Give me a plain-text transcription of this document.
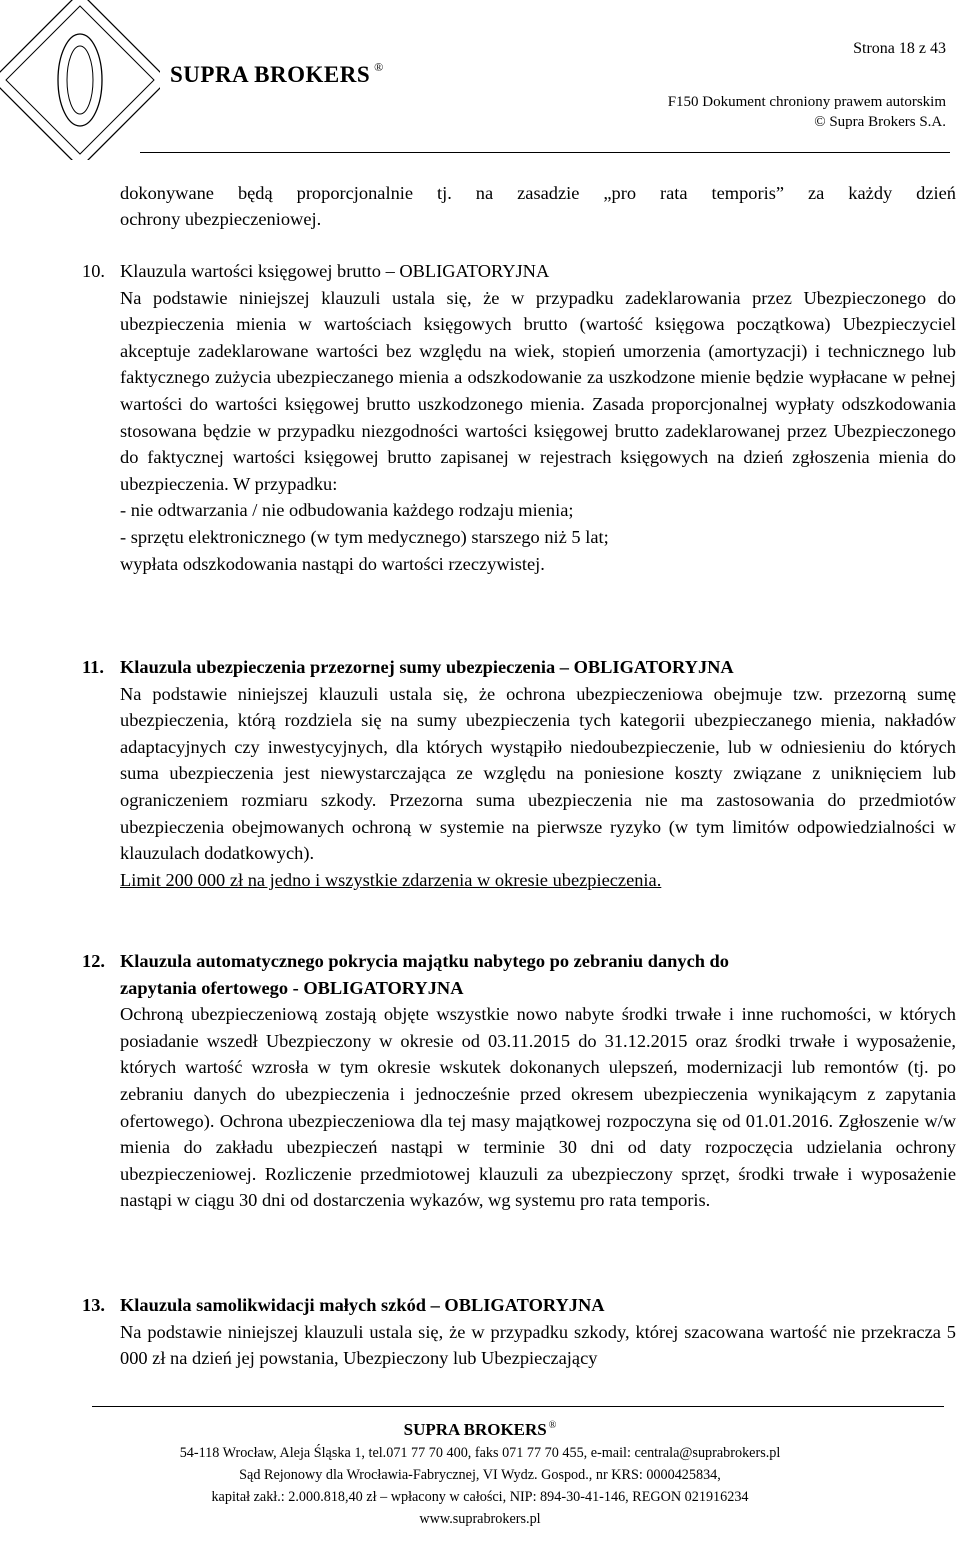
SUPRA BROKERS ®
Strona 18 z 43
F150 Dokument chroniony prawem autorskim
© Supra Brokers S.A.
dokonywane będą proporcjonalnie tj. na zasadzie „pro rata temporis” za każdy dzień
ochrony ubezpieczeniowej.
10. Klauzula wartości księgowej brutto – OBLIGATORYJNA
Na podstawie niniejszej klauzuli ustala się, że w przypadku zadeklarowania przez Ubezpieczonego do ubezpieczenia mienia w wartościach księgowych brutto (wartość księgowa początkowa) Ubezpieczyciel akceptuje zadeklarowane wartości bez względu na wiek, stopień umorzenia (amortyzacji) i technicznego lub faktycznego zużycia ubezpieczanego mienia a odszkodowanie za uszkodzone mienie będzie wypłacane w pełnej wartości do wartości księgowej brutto uszkodzonego mienia. Zasada proporcjonalnej wypłaty odszkodowania stosowana będzie w przypadku niezgodności wartości księgowej brutto zadeklarowanej przez Ubezpieczonego do faktycznej wartości księgowej brutto zapisanej w rejestrach księgowych na dzień zgłoszenia mienia do ubezpieczenia. W przypadku:
- nie odtwarzania / nie odbudowania każdego rodzaju mienia;
- sprzętu elektronicznego (w tym medycznego) starszego niż 5 lat;
wypłata odszkodowania nastąpi do wartości rzeczywistej.
11. Klauzula ubezpieczenia przezornej sumy ubezpieczenia – OBLIGATORYJNA
Na podstawie niniejszej klauzuli ustala się, że ochrona ubezpieczeniowa obejmuje tzw. przezorną sumę ubezpieczenia, którą rozdziela się na sumy ubezpieczenia tych kategorii ubezpieczanego mienia, nakładów adaptacyjnych czy inwestycyjnych, dla których wystąpiło niedoubezpieczenie, lub w odniesieniu do których suma ubezpieczenia jest niewystarczająca ze względu na poniesione koszty związane z uniknięciem lub ograniczeniem rozmiaru szkody. Przezorna suma ubezpieczenia nie ma zastosowania do przedmiotów ubezpieczenia obejmowanych ochroną w systemie na pierwsze ryzyko (w tym limitów odpowiedzialności w klauzulach dodatkowych).
Limit 200 000 zł na jedno i wszystkie zdarzenia w okresie ubezpieczenia.
12. Klauzula automatycznego pokrycia majątku nabytego po zebraniu danych do
zapytania ofertowego - OBLIGATORYJNA
Ochroną ubezpieczeniową zostają objęte wszystkie nowo nabyte środki trwałe i inne ruchomości, w których posiadanie wszedł Ubezpieczony w okresie od 03.11.2015 do 31.12.2015 oraz środki trwałe i wyposażenie, których wartość wzrosła w tym okresie wskutek dokonanych ulepszeń, modernizacji lub remontów (tj. po zebraniu danych do ubezpieczenia i jednocześnie przed okresem ubezpieczenia wynikającym z zapytania ofertowego). Ochrona ubezpieczeniowa dla tej masy majątkowej rozpoczyna się od 01.01.2016. Zgłoszenie w/w mienia do zakładu ubezpieczeń nastąpi w terminie 30 dni od daty rozpoczęcia udzielania ochrony ubezpieczeniowej. Rozliczenie przedmiotowej klauzuli za ubezpieczony sprzęt, środki trwałe i wyposażenie nastąpi w ciągu 30 dni od dostarczenia wykazów, wg systemu pro rata temporis.
13. Klauzula samolikwidacji małych szkód – OBLIGATORYJNA
Na podstawie niniejszej klauzuli ustala się, że w przypadku szkody, której szacowana wartość nie przekracza 5 000 zł na dzień jej powstania, Ubezpieczony lub Ubezpieczający
SUPRA BROKERS ®
54-118 Wrocław, Aleja Śląska 1, tel.071 77 70 400, faks 071 77 70 455, e-mail: centrala@suprabrokers.pl
Sąd Rejonowy dla Wrocławia-Fabrycznej, VI Wydz. Gospod., nr KRS: 0000425834,
kapitał zakł.: 2.000.818,40 zł – wpłacony w całości, NIP: 894-30-41-146, REGON 021916234
www.suprabrokers.pl
